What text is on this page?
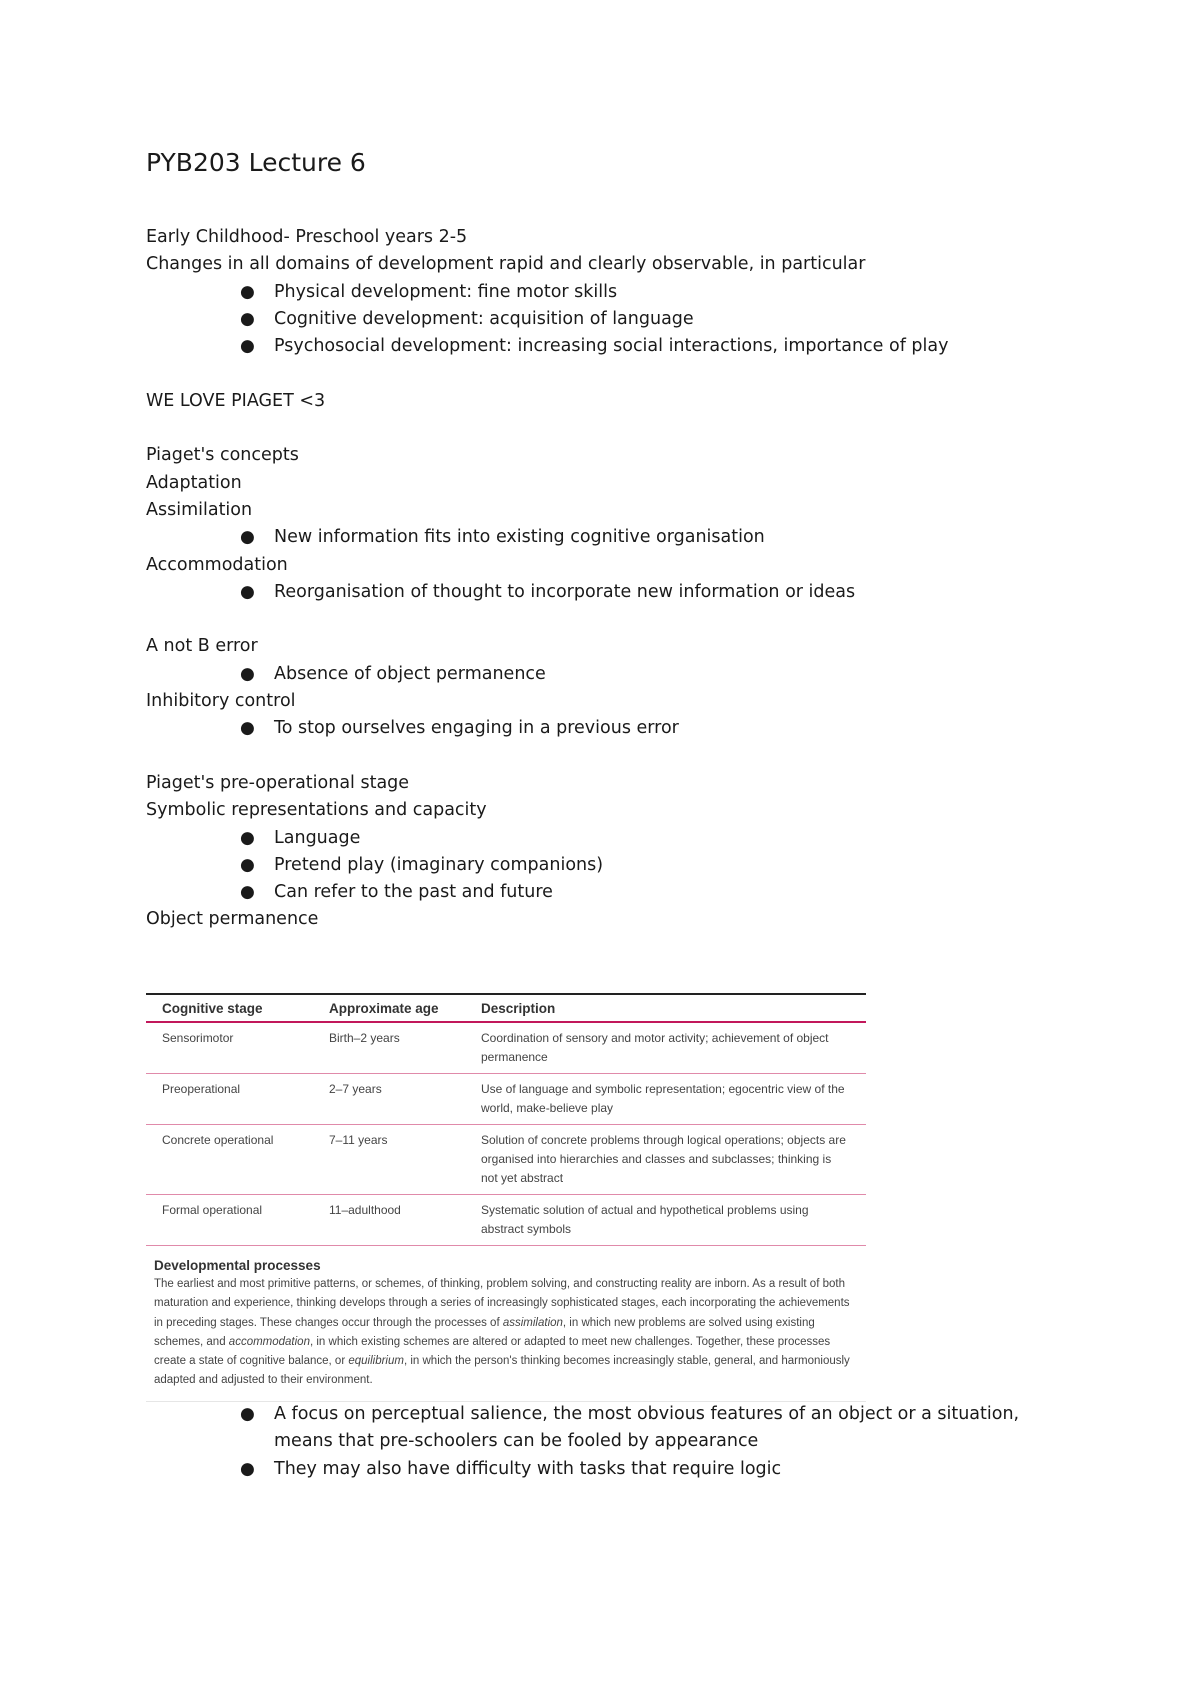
PYB203 Lecture 6
Early Childhood- Preschool years 2-5
Changes in all domains of development rapid and clearly observable, in particular
● Physical development: fine motor skills
● Cognitive development: acquisition of language
● Psychosocial development: increasing social interactions, importance of play
WE LOVE PIAGET <3
Piaget's concepts
Adaptation
Assimilation
● New information fits into existing cognitive organisation
Accommodation
● Reorganisation of thought to incorporate new information or ideas
A not B error
● Absence of object permanence
Inhibitory control
● To stop ourselves engaging in a previous error
Piaget's pre-operational stage
Symbolic representations and capacity
● Language
● Pretend play (imaginary companions)
● Can refer to the past and future
Object permanence
Cognitive stage	Approximate age	Description
Sensorimotor	Birth–2 years	Coordination of sensory and motor activity; achievement of object permanence
Preoperational	2–7 years	Use of language and symbolic representation; egocentric view of the world, make-believe play
Concrete operational	7–11 years	Solution of concrete problems through logical operations; objects are organised into hierarchies and classes and subclasses; thinking is not yet abstract
Formal operational	11–adulthood	Systematic solution of actual and hypothetical problems using abstract symbols
Developmental processes
The earliest and most primitive patterns, or schemes, of thinking, problem solving, and constructing reality are inborn. As a result of both maturation and experience, thinking develops through a series of increasingly sophisticated stages, each incorporating the achievements in preceding stages. These changes occur through the processes of assimilation, in which new problems are solved using existing schemes, and accommodation, in which existing schemes are altered or adapted to meet new challenges. Together, these processes create a state of cognitive balance, or equilibrium, in which the person's thinking becomes increasingly stable, general, and harmoniously adapted and adjusted to their environment.
● A focus on perceptual salience, the most obvious features of an object or a situation, means that pre-schoolers can be fooled by appearance
● They may also have difficulty with tasks that require logic
